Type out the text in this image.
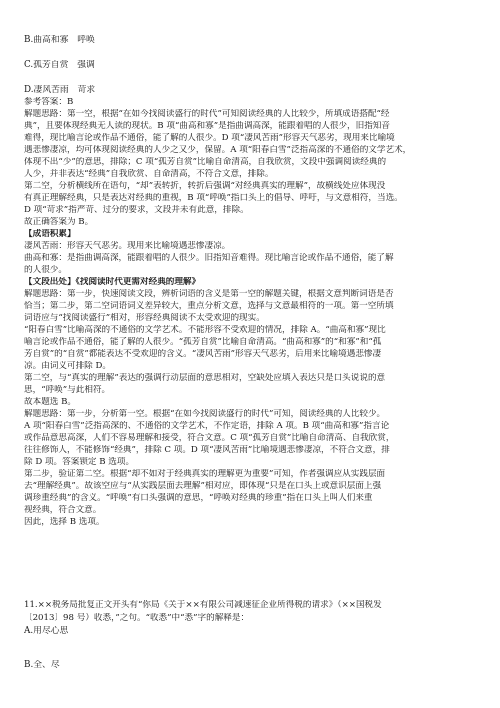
B.曲高和寡　呼唤
C.孤芳自赏　强调
D.凄风苦雨　苛求
参考答案：B
解题思路：第一空，根据“在如今找阅读盛行的时代”可知阅读经典的人比较少，所填成语搭配“经
典”，且要体现经典无人读的现状。B 项“曲高和寡”是指曲调高深，能跟着唱的人很少，旧指知音
难得，现比喻言论或作品不通俗，能了解的人很少。D 项“凄风苦雨”形容天气恶劣，现用来比喻境
遇悲惨凄凉，均可体现阅读经典的人少之又少，保留。A 项“阳春白雪”泛指高深的不通俗的文学艺术，
体现不出“少”的意思，排除；C 项“孤芳自赏”比喻自命清高，自我欣赏，文段中强调阅读经典的
人少，并非表达“经典”自我欣赏、自命清高，不符合文意，排除。
第二空，分析横线所在语句，“却”表转折，转折后强调“对经典真实的理解”，故横线处应体现没
有真正理解经典，只是表达对经典的重视，B 项“呼唤”指口头上的倡导、呼吁，与文意相符，当选。
D 项“苛求”指严苛、过分的要求，文段并未有此意，排除。
故正确答案为 B。
【成语积累】
凄风苦雨：形容天气恶劣。现用来比喻境遇悲惨凄凉。
曲高和寡：是指曲调高深，能跟着唱的人很少。旧指知音难得。现比喻言论或作品不通俗，能了解
的人很少。
【文段出处】《找阅读时代更需对经典的理解》
解题思路：第一步，快速阅读文段，辨析词语的含义是第一空的解题关键，根据文意判断词语是否
恰当；第二步，第二空词语词义差异较大，重点分析文意，选择与文意最相符的一项。第一空所填
词语应与“找阅读盛行”相对，形容经典阅读不太受欢迎的现实。
“阳春白雪”比喻高深的不通俗的文学艺术。不能形容不受欢迎的情况，排除 A。“曲高和寡”现比
喻言论或作品不通俗，能了解的人很少。“孤芳自赏”比喻自命清高。“曲高和寡”的“和寡”和“孤
芳自赏”的“自赏”都能表达不受欢迎的含义。“凄风苦雨”形容天气恶劣，后用来比喻境遇悲惨凄
凉。由词义可排除 D。
第二空，与“真实的理解”表达的强调行动层面的意思相对，空缺处应填入表达只是口头说说的意
思，“呼唤”与此相符。
故本题选 B。
解题思路：第一步，分析第一空。根据“在如今找阅读盛行的时代”可知，阅读经典的人比较少。
A 项“阳春白雪”泛指高深的、不通俗的文学艺术，不作定语，排除 A 项。B 项“曲高和寡”指言论
或作品意思高深，人们不容易理解和接受，符合文意。C 项“孤芳自赏”比喻自命清高、自我欣赏，
往往修饰人，不能修饰“经典”，排除 C 项。D 项“凄风苦雨”比喻境遇悲惨凄凉，不符合文意，排
除 D 项。答案锁定 B 选项。
第二步，验证第二空。根据“却不如对于经典真实的理解更为重要”可知，作者强调应从实践层面
去“理解经典”。故该空应与“从实践层面去理解”相对应，即体现“只是在口头上或意识层面上强
调珍重经典”的含义。“呼唤”有口头强调的意思，“呼唤对经典的珍重”指在口头上叫人们来重
视经典，符合文意。
因此，选择 B 选项。
11.××税务局批复正文开头有“你局《关于××有限公司减速征企业所得税的请求》（××国税发
〔2013〕98 号）收悉，”之句。“收悉”中“悉”字的解释是：
A.用尽心思
B.全、尽
